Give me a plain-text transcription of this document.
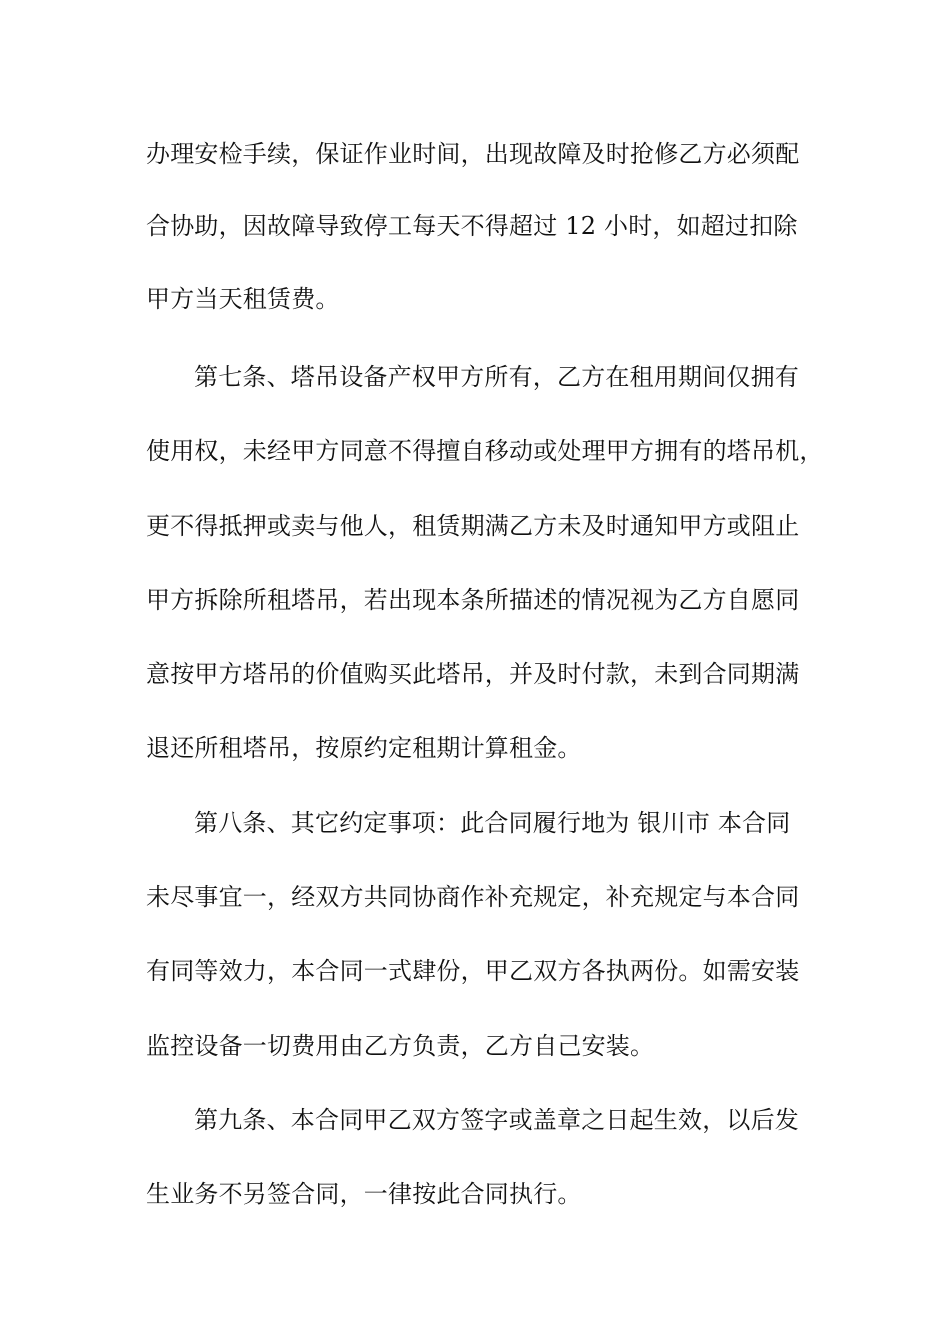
办理安检手续，保证作业时间，出现故障及时抢修乙方必须配
合协助，因故障导致停工每天不得超过 12 小时，如超过扣除
甲方当天租赁费。
第七条、塔吊设备产权甲方所有，乙方在租用期间仅拥有
使用权，未经甲方同意不得擅自移动或处理甲方拥有的塔吊机，
更不得抵押或卖与他人，租赁期满乙方未及时通知甲方或阻止
甲方拆除所租塔吊，若出现本条所描述的情况视为乙方自愿同
意按甲方塔吊的价值购买此塔吊，并及时付款，未到合同期满
退还所租塔吊，按原约定租期计算租金。
第八条、其它约定事项：此合同履行地为 银川市 本合同
未尽事宜一，经双方共同协商作补充规定，补充规定与本合同
有同等效力，本合同一式肆份，甲乙双方各执两份。如需安装
监控设备一切费用由乙方负责，乙方自己安装。
第九条、本合同甲乙双方签字或盖章之日起生效，以后发
生业务不另签合同，一律按此合同执行。
